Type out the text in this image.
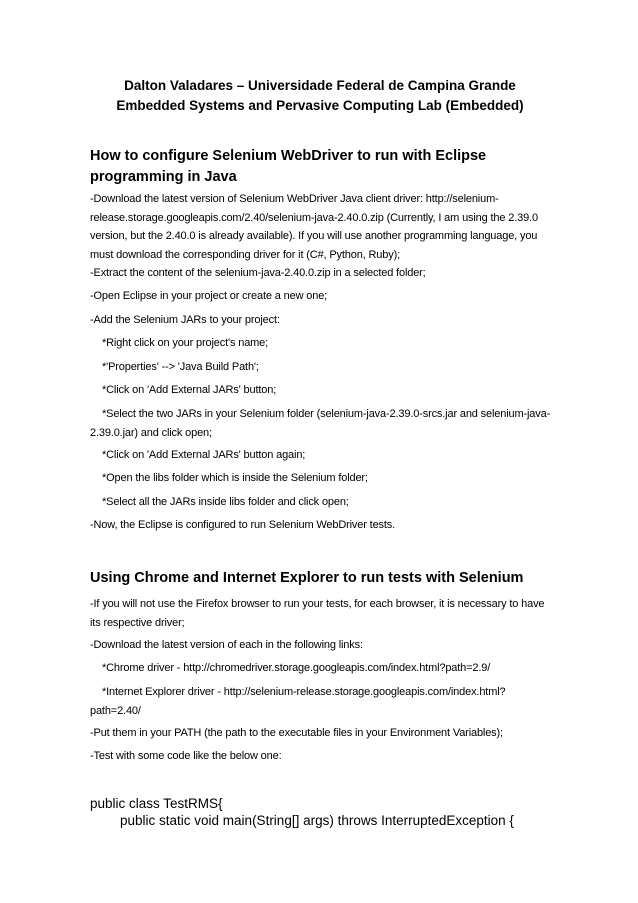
Dalton Valadares – Universidade Federal de Campina Grande
Embedded Systems and Pervasive Computing Lab (Embedded)
How to configure Selenium WebDriver to run with Eclipse programming in Java
-Download the latest version of Selenium WebDriver Java client driver: http://selenium-release.storage.googleapis.com/2.40/selenium-java-2.40.0.zip (Currently, I am using the 2.39.0 version, but the 2.40.0 is already available). If you will use another programming language, you must download the corresponding driver for it (C#, Python, Ruby);
-Extract the content of the selenium-java-2.40.0.zip in a selected folder;
-Open Eclipse in your project or create a new one;
-Add the Selenium JARs to your project:
*Right click on your project's name;
*'Properties' --> 'Java Build Path';
*Click on 'Add External JARs' button;
*Select the two JARs in your Selenium folder (selenium-java-2.39.0-srcs.jar and selenium-java-2.39.0.jar) and click open;
*Click on 'Add External JARs' button again;
*Open the libs folder which is inside the Selenium folder;
*Select all the JARs inside libs folder and click open;
-Now, the Eclipse is configured to run Selenium WebDriver tests.
Using Chrome and Internet Explorer to run tests with Selenium
-If you will not use the Firefox browser to run your tests, for each browser, it is necessary to have its respective driver;
-Download the latest version of each in the following links:
*Chrome driver - http://chromedriver.storage.googleapis.com/index.html?path=2.9/
*Internet Explorer driver - http://selenium-release.storage.googleapis.com/index.html?path=2.40/
-Put them in your PATH (the path to the executable files in your Environment Variables);
-Test with some code like the below one:
public class TestRMS{
public static void main(String[] args) throws InterruptedException {
